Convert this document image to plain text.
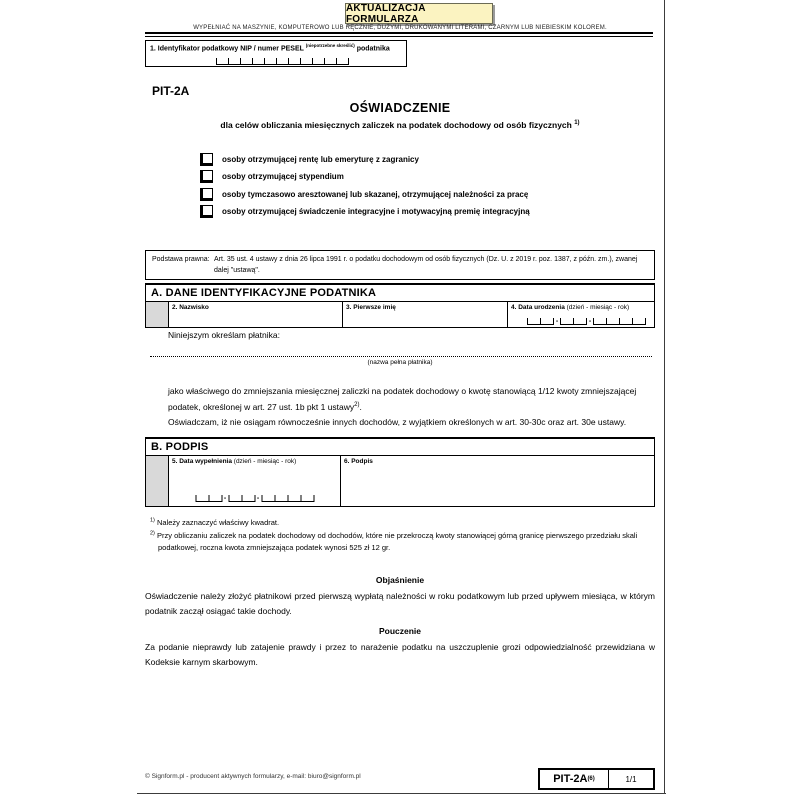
AKTUALIZACJA FORMULARZA
WYPEŁNIAĆ NA MASZYNIE, KOMPUTEROWO LUB RĘCZNIE, DUŻYMI, DRUKOWANYMI LITERAMI, CZARNYM LUB NIEBIESKIM KOLOREM.
1. Identyfikator podatkowy NIP / numer PESEL $^{(niepotrzebne skreślić)}$ podatnika
PIT-2A
OŚWIADCZENIE
dla celów obliczania miesięcznych zaliczek na podatek dochodowy od osób fizycznych $^{1)}$
osoby otrzymującej rentę lub emeryturę z zagranicy
osoby otrzymującej stypendium
osoby tymczasowo aresztowanej lub skazanej, otrzymującej należności za pracę
osoby otrzymującej świadczenie integracyjne i motywacyjną premię integracyjną
Podstawa prawna: Art. 35 ust. 4 ustawy z dnia 26 lipca 1991 r. o podatku dochodowym od osób fizycznych (Dz. U. z 2019 r. poz. 1387, z późn. zm.), zwanej dalej "ustawą".
A. DANE IDENTYFIKACYJNE PODATNIKA
2. Nazwisko	3. Pierwsze imię	4. Data urodzenia (dzień - miesiąc - rok)
-	-
Niniejszym określam płatnika:
(nazwa pełna płatnika)
jako właściwego do zmniejszania miesięcznej zaliczki na podatek dochodowy o kwotę stanowiącą 1/12 kwoty zmniejszającej podatek, określonej w art. 27 ust. 1b pkt 1 ustawy$^{2)}$.
Oświadczam, iż nie osiągam równocześnie innych dochodów, z wyjątkiem określonych w art. 30-30c oraz art. 30e ustawy.
B. PODPIS
5. Data wypełnienia (dzień - miesiąc - rok)
-	-
6. Podpis
$^{1)}$ Należy zaznaczyć właściwy kwadrat.
$^{2)}$ Przy obliczaniu zaliczek na podatek dochodowy od dochodów, które nie przekroczą kwoty stanowiącej górną granicę pierwszego przedziału skali podatkowej, roczna kwota zmniejszająca podatek wynosi 525 zł 12 gr.
Objaśnienie
Oświadczenie należy złożyć płatnikowi przed pierwszą wypłatą należności w roku podatkowym lub przed upływem miesiąca, w którym podatnik zaczął osiągać takie dochody.
Pouczenie
Za podanie nieprawdy lub zatajenie prawdy i przez to narażenie podatku na uszczuplenie grozi odpowiedzialność przewidziana w Kodeksie karnym skarbowym.
© Signform.pl - producent aktywnych formularzy, e-mail: biuro@signform.pl	PIT-2A (6)	1/1
